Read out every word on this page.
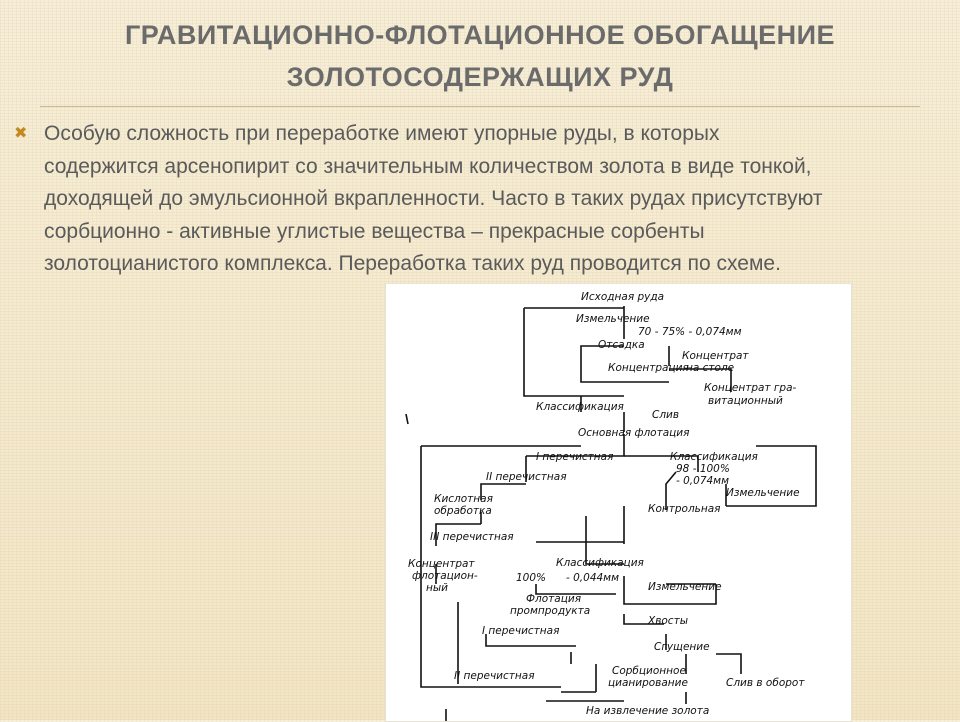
ГРАВИТАЦИОННО-ФЛОТАЦИОННОЕ ОБОГАЩЕНИЕ
ЗОЛОТОСОДЕРЖАЩИХ РУД
✖ Особую сложность при переработке имеют упорные руды, в которых
содержится арсенопирит со значительным количеством золота в виде тонкой,
доходящей до эмульсионной вкрапленности. Часто в таких рудах присутствуют
сорбционно - активные углистые вещества – прекрасные сорбенты
золотоцианистого комплекса. Переработка таких руд проводится по схеме.
Исходная руда
Измельчение
70 - 75% - 0,074мм
Отсадка
Концентрат
на столе
Концентрация
Концентрат гра-
витационный
Классификация
Слив
Основная флотация
I перечистная	Классификация
98 - 100%
- 0,074мм
II перечистная
Измельчение
Кислотная
обработка	Контрольная
III перечистная
Концентрат
флотацион-
ный
Классификация
100% - 0,044мм
Измельчение
Флотация
промпродукта
Хвосты
I перечистная
Сгущение
Сорбционное
цианирование	Слив в оборот
II перечистная
На извлечение золота
